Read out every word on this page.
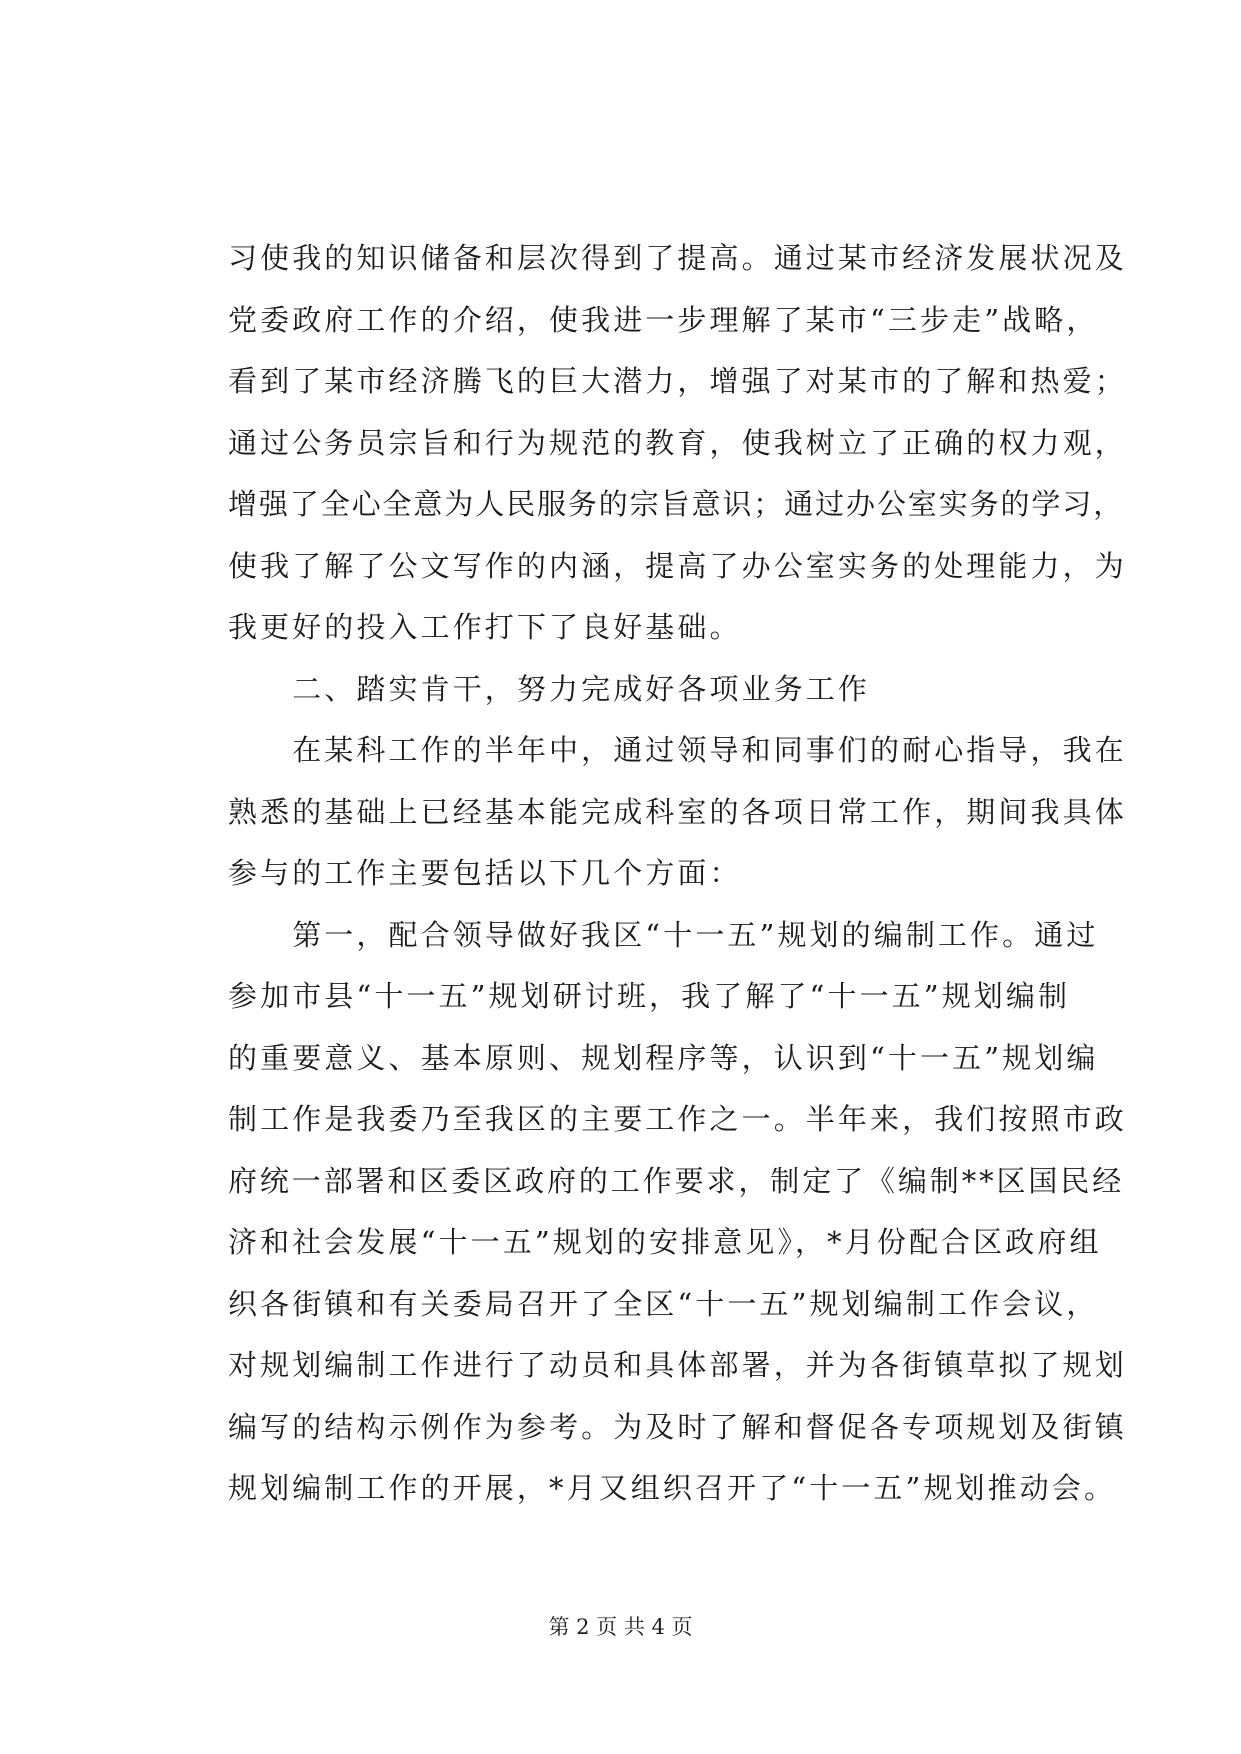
习使我的知识储备和层次得到了提高。通过某市经济发展状况及
党委政府工作的介绍，使我进一步理解了某市“三步走”战略，
看到了某市经济腾飞的巨大潜力，增强了对某市的了解和热爱；
通过公务员宗旨和行为规范的教育，使我树立了正确的权力观，
增强了全心全意为人民服务的宗旨意识；通过办公室实务的学习，
使我了解了公文写作的内涵，提高了办公室实务的处理能力，为
我更好的投入工作打下了良好基础。
　　二、踏实肯干，努力完成好各项业务工作
　　在某科工作的半年中，通过领导和同事们的耐心指导，我在
熟悉的基础上已经基本能完成科室的各项日常工作，期间我具体
参与的工作主要包括以下几个方面：
　　第一，配合领导做好我区“十一五”规划的编制工作。通过
参加市县“十一五”规划研讨班，我了解了“十一五”规划编制
的重要意义、基本原则、规划程序等，认识到“十一五”规划编
制工作是我委乃至我区的主要工作之一。半年来，我们按照市政
府统一部署和区委区政府的工作要求，制定了《编制**区国民经
济和社会发展“十一五”规划的安排意见》，*月份配合区政府组
织各街镇和有关委局召开了全区“十一五”规划编制工作会议，
对规划编制工作进行了动员和具体部署，并为各街镇草拟了规划
编写的结构示例作为参考。为及时了解和督促各专项规划及街镇
规划编制工作的开展，*月又组织召开了“十一五”规划推动会。
第 2 页 共 4 页
